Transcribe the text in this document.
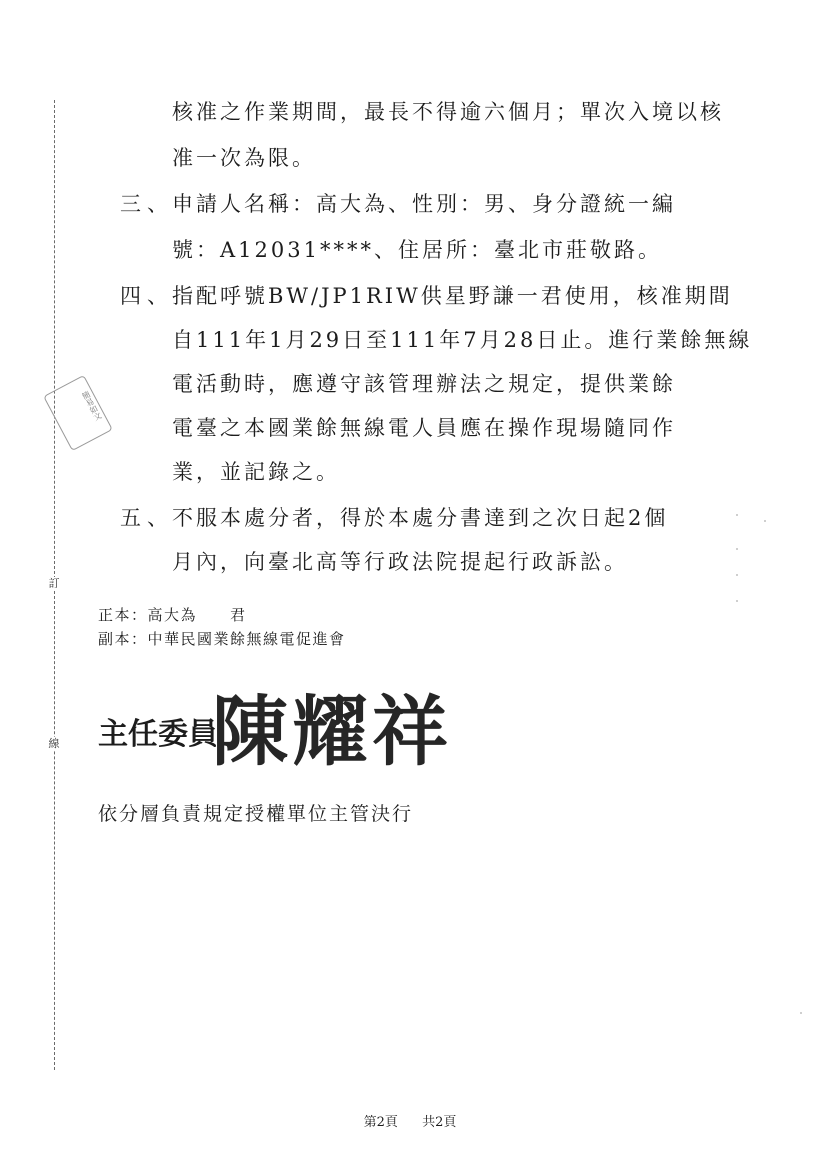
訂
線
簡易如文
核准之作業期間，最長不得逾六個月；單次入境以核
准一次為限。
三、
申請人名稱：高大為、性別：男、身分證統一編
號：A12031****、住居所：臺北市莊敬路。
四、
指配呼號BW/JP1RIW供星野謙一君使用，核准期間
自111年1月29日至111年7月28日止。進行業餘無線
電活動時，應遵守該管理辦法之規定，提供業餘
電臺之本國業餘無線電人員應在操作現場隨同作
業，並記錄之。
五、
不服本處分者，得於本處分書達到之次日起2個
月內，向臺北高等行政法院提起行政訴訟。
正本：高大為　　君
副本：中華民國業餘無線電促進會
主任委員
陳耀祥
依分層負責規定授權單位主管決行
第2頁 共2頁
